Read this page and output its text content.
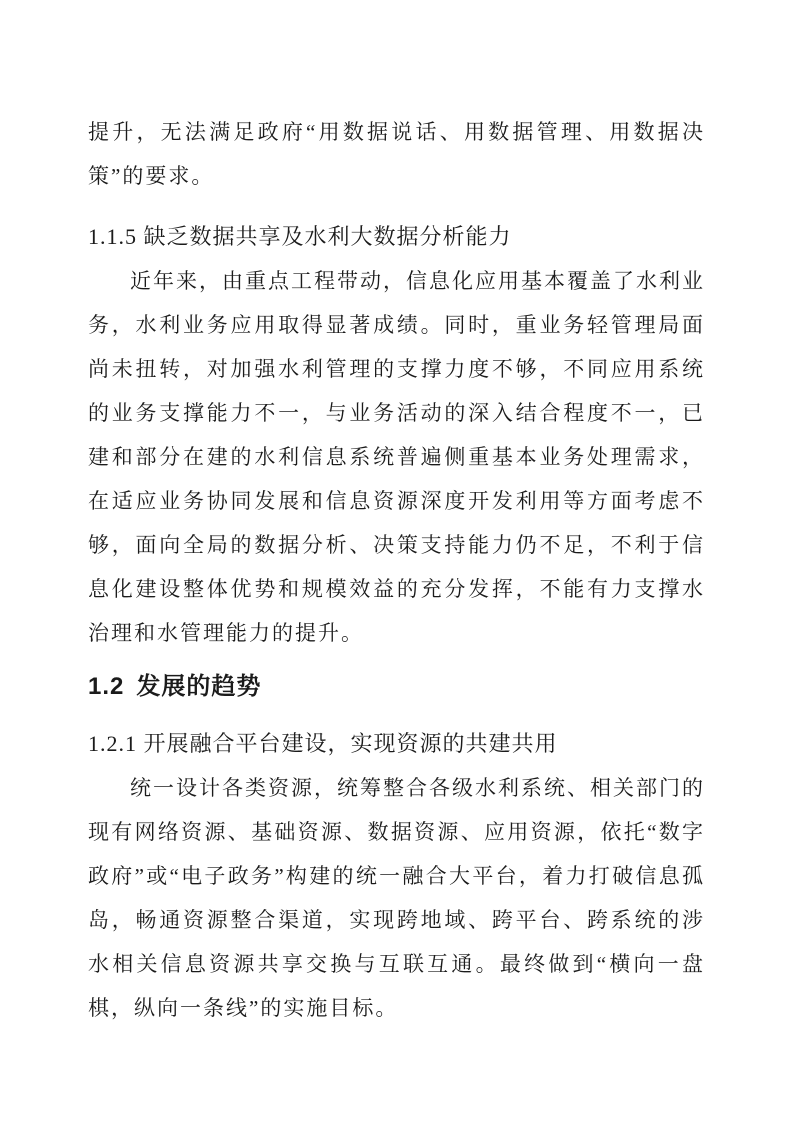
提升，无法满足政府“用数据说话、用数据管理、用数据决策”的要求。

1.1.5 缺乏数据共享及水利大数据分析能力

近年来，由重点工程带动，信息化应用基本覆盖了水利业务，水利业务应用取得显著成绩。同时，重业务轻管理局面尚未扭转，对加强水利管理的支撑力度不够，不同应用系统的业务支撑能力不一，与业务活动的深入结合程度不一，已建和部分在建的水利信息系统普遍侧重基本业务处理需求，在适应业务协同发展和信息资源深度开发利用等方面考虑不够，面向全局的数据分析、决策支持能力仍不足，不利于信息化建设整体优势和规模效益的充分发挥，不能有力支撑水治理和水管理能力的提升。

1.2 发展的趋势

1.2.1 开展融合平台建设，实现资源的共建共用

统一设计各类资源，统筹整合各级水利系统、相关部门的现有网络资源、基础资源、数据资源、应用资源，依托“数字政府”或“电子政务”构建的统一融合大平台，着力打破信息孤岛，畅通资源整合渠道，实现跨地域、跨平台、跨系统的涉水相关信息资源共享交换与互联互通。最终做到“横向一盘棋，纵向一条线”的实施目标。
